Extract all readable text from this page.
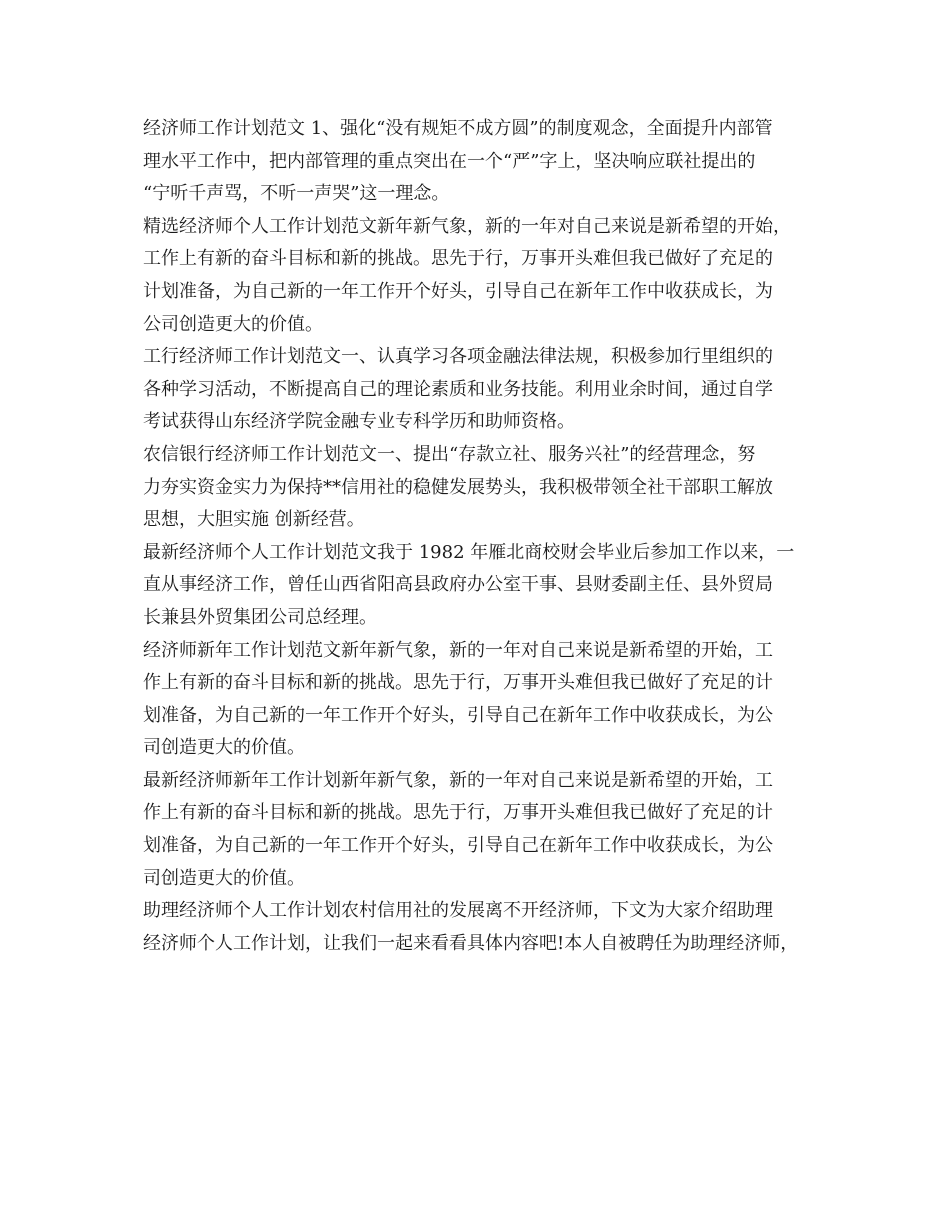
经济师工作计划范文 1、强化“没有规矩不成方圆”的制度观念，全面提升内部管
理水平工作中，把内部管理的重点突出在一个“严”字上，坚决响应联社提出的
“宁听千声骂，不听一声哭”这一理念。

精选经济师个人工作计划范文新年新气象，新的一年对自己来说是新希望的开始，
工作上有新的奋斗目标和新的挑战。思先于行，万事开头难但我已做好了充足的
计划准备，为自己新的一年工作开个好头，引导自己在新年工作中收获成长，为
公司创造更大的价值。

工行经济师工作计划范文一、认真学习各项金融法律法规，积极参加行里组织的
各种学习活动，不断提高自己的理论素质和业务技能。利用业余时间，通过自学
考试获得山东经济学院金融专业专科学历和助师资格。

农信银行经济师工作计划范文一、提出“存款立社、服务兴社”的经营理念，努
力夯实资金实力为保持**信用社的稳健发展势头，我积极带领全社干部职工解放
思想，大胆实施 创新经营。

最新经济师个人工作计划范文我于 1982 年雁北商校财会毕业后参加工作以来，一
直从事经济工作，曾任山西省阳高县政府办公室干事、县财委副主任、县外贸局
长兼县外贸集团公司总经理。

经济师新年工作计划范文新年新气象，新的一年对自己来说是新希望的开始，工
作上有新的奋斗目标和新的挑战。思先于行，万事开头难但我已做好了充足的计
划准备，为自己新的一年工作开个好头，引导自己在新年工作中收获成长，为公
司创造更大的价值。

最新经济师新年工作计划新年新气象，新的一年对自己来说是新希望的开始，工
作上有新的奋斗目标和新的挑战。思先于行，万事开头难但我已做好了充足的计
划准备，为自己新的一年工作开个好头，引导自己在新年工作中收获成长，为公
司创造更大的价值。

助理经济师个人工作计划农村信用社的发展离不开经济师，下文为大家介绍助理
经济师个人工作计划，让我们一起来看看具体内容吧!本人自被聘任为助理经济师，
